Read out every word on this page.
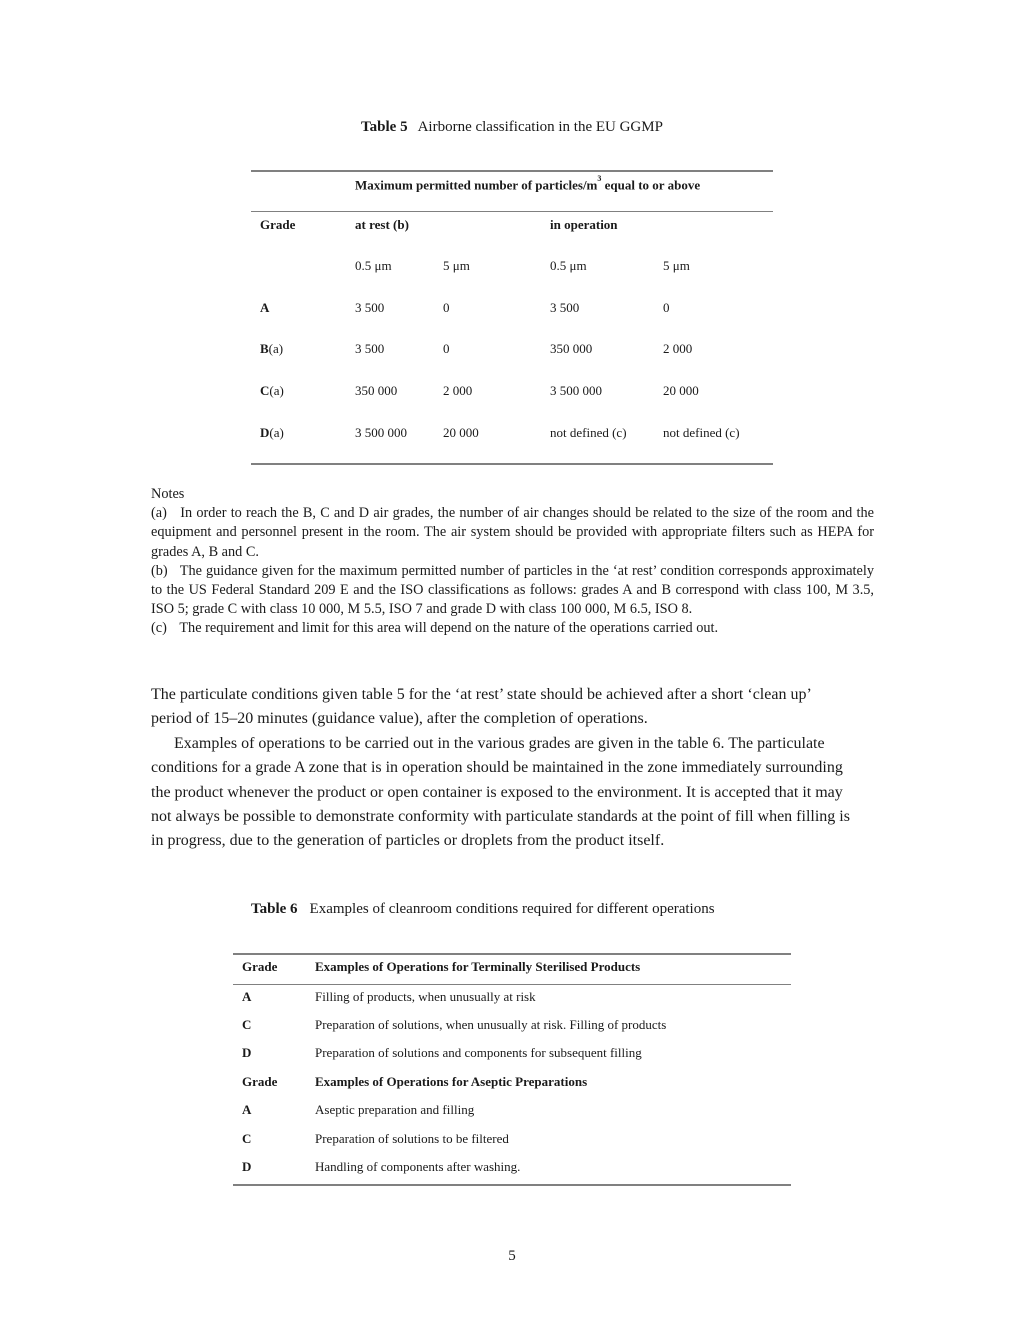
Table 5 Airborne classification in the EU GGMP
Maximum permitted number of particles/$m^3$ equal to or above
Grade	at rest (b)	in operation
0.5 μm	5 μm	0.5 μm	5 μm
A	3 500	0	3 500	0
B(a)	3 500	0	350 000	2 000
C(a)	350 000	2 000	3 500 000	20 000
D(a)	3 500 000	20 000	not defined (c)	not defined (c)

Notes

(a) In order to reach the B, C and D air grades, the number of air changes should be related to the size of the room and the equipment and personnel present in the room. The air system should be provided with appropriate filters such as HEPA for grades A, B and C.

(b) The guidance given for the maximum permitted number of particles in the ‘at rest’ condition corresponds approximately to the US Federal Standard 209 E and the ISO classifications as follows: grades A and B correspond with class 100, M 3.5, ISO 5; grade C with class 10 000, M 5.5, ISO 7 and grade D with class 100 000, M 6.5, ISO 8.

(c) The requirement and limit for this area will depend on the nature of the operations carried out.

The particulate conditions given table 5 for the ‘at rest’ state should be achieved after a short ‘clean up’ period of 15–20 minutes (guidance value), after the completion of operations.

Examples of operations to be carried out in the various grades are given in the table 6. The particulate conditions for a grade A zone that is in operation should be maintained in the zone immediately surrounding the product whenever the product or open container is exposed to the environment. It is accepted that it may not always be possible to demonstrate conformity with particulate standards at the point of fill when filling is in progress, due to the generation of particles or droplets from the product itself.

Table 6 Examples of cleanroom conditions required for different operations
Grade	Examples of Operations for Terminally Sterilised Products
A	Filling of products, when unusually at risk
C	Preparation of solutions, when unusually at risk. Filling of products
D	Preparation of solutions and components for subsequent filling
Grade	Examples of Operations for Aseptic Preparations
A	Aseptic preparation and filling
C	Preparation of solutions to be filtered
D	Handling of components after washing.
5
